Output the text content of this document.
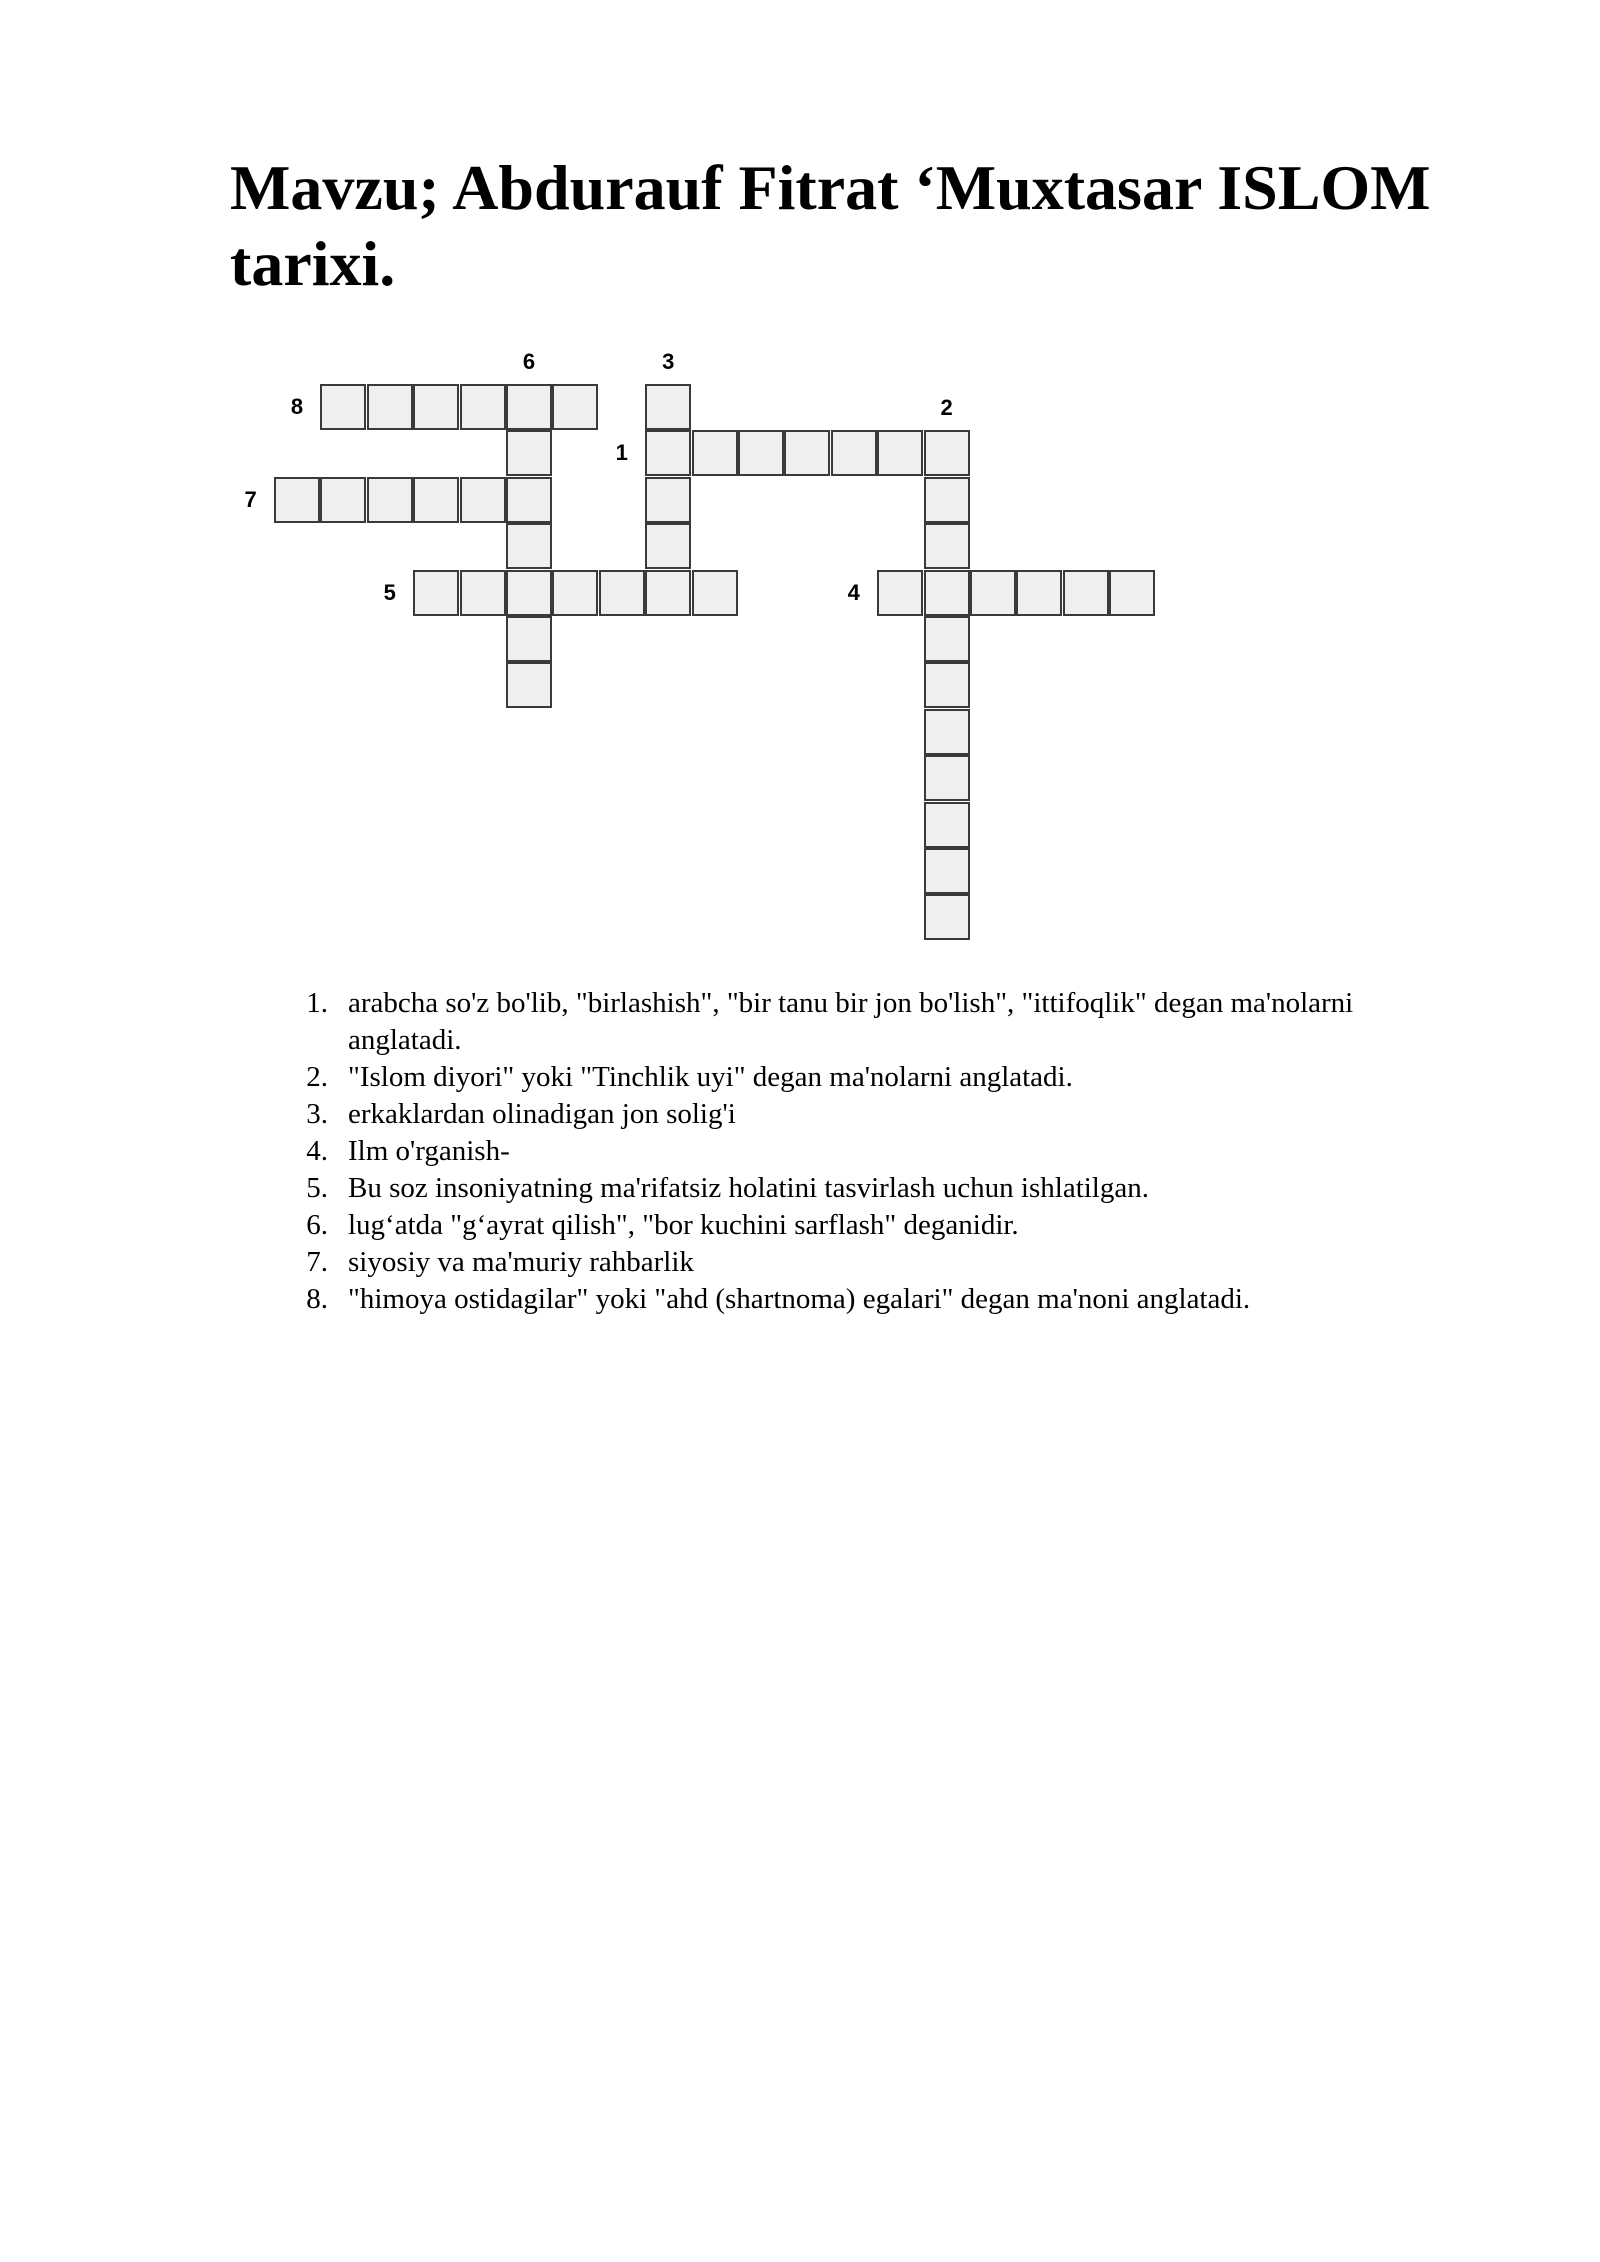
Mavzu; Abdurauf Fitrat ‘Muxtasar ISLOM tarixi.
1
2
3
4
5
6
7
8
1. arabcha so'z bo'lib, "birlashish", "bir tanu bir jon bo'lish", "ittifoqlik" degan ma'nolarni anglatadi.
2. "Islom diyori" yoki "Tinchlik uyi" degan ma'nolarni anglatadi.
3. erkaklardan olinadigan jon solig'i
4. Ilm o'rganish-
5. Bu soz insoniyatning ma'rifatsiz holatini tasvirlash uchun ishlatilgan.
6. lug‘atda "g‘ayrat qilish", "bor kuchini sarflash" deganidir.
7. siyosiy va ma'muriy rahbarlik
8. "himoya ostidagilar" yoki "ahd (shartnoma) egalari" degan ma'noni anglatadi.
